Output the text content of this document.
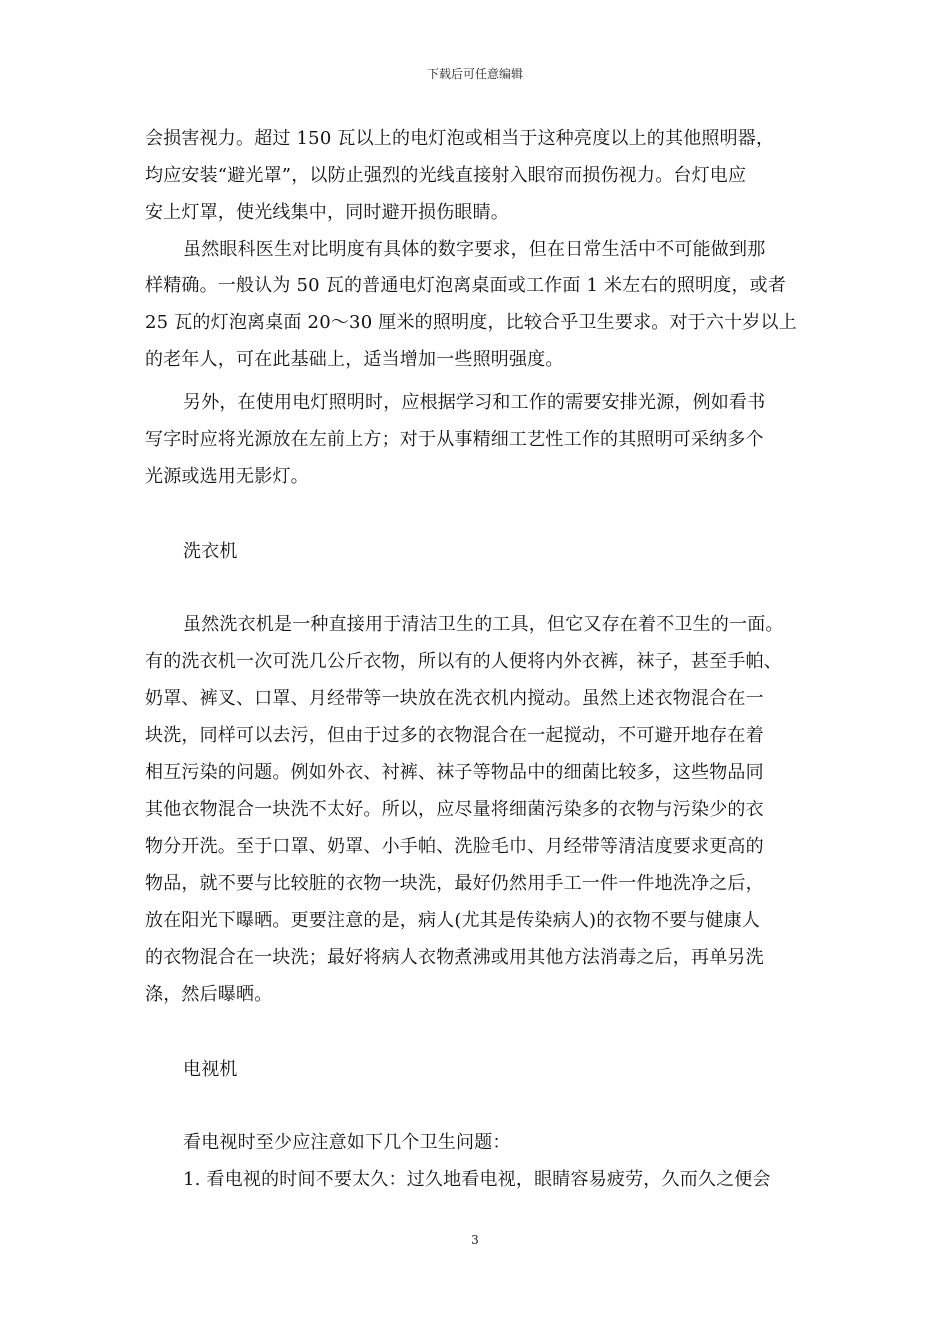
下载后可任意编辑
会损害视力。超过 150 瓦以上的电灯泡或相当于这种亮度以上的其他照明器，
均应安装“避光罩”，以防止强烈的光线直接射入眼帘而损伤视力。台灯电应
安上灯罩，使光线集中，同时避开损伤眼睛。
虽然眼科医生对比明度有具体的数字要求，但在日常生活中不可能做到那
样精确。一般认为 50 瓦的普通电灯泡离桌面或工作面 1 米左右的照明度，或者
25 瓦的灯泡离桌面 20～30 厘米的照明度，比较合乎卫生要求。对于六十岁以上
的老年人，可在此基础上，适当增加一些照明强度。
另外，在使用电灯照明时，应根据学习和工作的需要安排光源，例如看书
写字时应将光源放在左前上方；对于从事精细工艺性工作的其照明可采纳多个
光源或选用无影灯。
洗衣机
虽然洗衣机是一种直接用于清洁卫生的工具，但它又存在着不卫生的一面。
有的洗衣机一次可洗几公斤衣物，所以有的人便将内外衣裤，袜子，甚至手帕、
奶罩、裤叉、口罩、月经带等一块放在洗衣机内搅动。虽然上述衣物混合在一
块洗，同样可以去污，但由于过多的衣物混合在一起搅动，不可避开地存在着
相互污染的问题。例如外衣、衬裤、袜子等物品中的细菌比较多，这些物品同
其他衣物混合一块洗不太好。所以，应尽量将细菌污染多的衣物与污染少的衣
物分开洗。至于口罩、奶罩、小手帕、洗脸毛巾、月经带等清洁度要求更高的
物品，就不要与比较脏的衣物一块洗，最好仍然用手工一件一件地洗净之后，
放在阳光下曝晒。更要注意的是，病人(尤其是传染病人)的衣物不要与健康人
的衣物混合在一块洗；最好将病人衣物煮沸或用其他方法消毒之后，再单另洗
涤，然后曝晒。
电视机
看电视时至少应注意如下几个卫生问题：
1. 看电视的时间不要太久：过久地看电视，眼睛容易疲劳，久而久之便会
3
